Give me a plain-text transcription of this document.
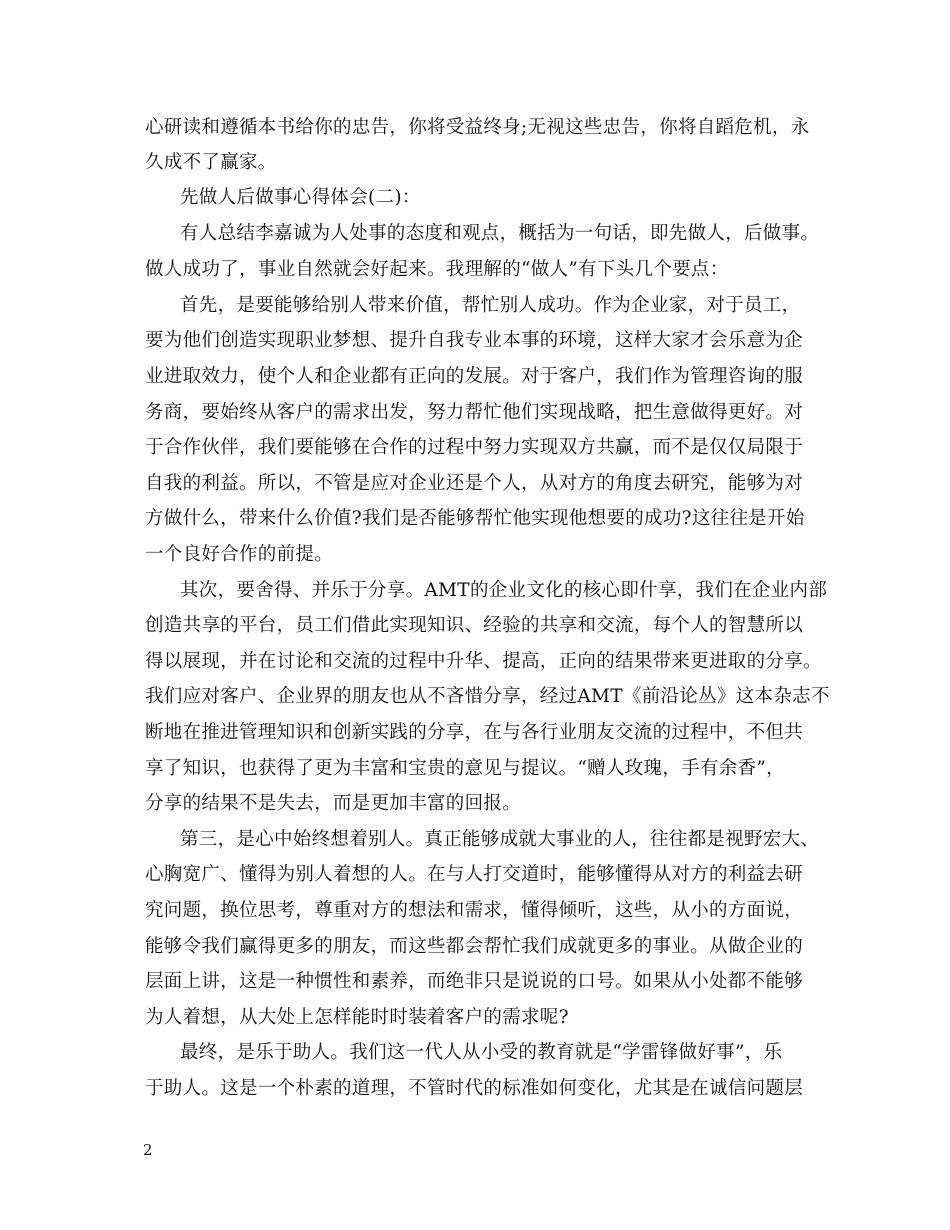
心研读和遵循本书给你的忠告，你将受益终身;无视这些忠告，你将自蹈危机，永
久成不了赢家。
先做人后做事心得体会(二)：
有人总结李嘉诚为人处事的态度和观点，概括为一句话，即先做人，后做事。
做人成功了，事业自然就会好起来。我理解的“做人”有下头几个要点：
首先，是要能够给别人带来价值，帮忙别人成功。作为企业家，对于员工，
要为他们创造实现职业梦想、提升自我专业本事的环境，这样大家才会乐意为企
业进取效力，使个人和企业都有正向的发展。对于客户，我们作为管理咨询的服
务商，要始终从客户的需求出发，努力帮忙他们实现战略，把生意做得更好。对
于合作伙伴，我们要能够在合作的过程中努力实现双方共赢，而不是仅仅局限于
自我的利益。所以，不管是应对企业还是个人，从对方的角度去研究，能够为对
方做什么，带来什么价值?我们是否能够帮忙他实现他想要的成功?这往往是开始
一个良好合作的前提。
其次，要舍得、并乐于分享。AMT的企业文化的核心即什享，我们在企业内部
创造共享的平台，员工们借此实现知识、经验的共享和交流，每个人的智慧所以
得以展现，并在讨论和交流的过程中升华、提高，正向的结果带来更进取的分享。
我们应对客户、企业界的朋友也从不吝惜分享，经过AMT《前沿论丛》这本杂志不
断地在推进管理知识和创新实践的分享，在与各行业朋友交流的过程中，不但共
享了知识，也获得了更为丰富和宝贵的意见与提议。“赠人玫瑰，手有余香”，
分享的结果不是失去，而是更加丰富的回报。
第三，是心中始终想着别人。真正能够成就大事业的人，往往都是视野宏大、
心胸宽广、懂得为别人着想的人。在与人打交道时，能够懂得从对方的利益去研
究问题，换位思考，尊重对方的想法和需求，懂得倾听，这些，从小的方面说，
能够令我们赢得更多的朋友，而这些都会帮忙我们成就更多的事业。从做企业的
层面上讲，这是一种惯性和素养，而绝非只是说说的口号。如果从小处都不能够
为人着想，从大处上怎样能时时装着客户的需求呢?
最终，是乐于助人。我们这一代人从小受的教育就是“学雷锋做好事”，乐
于助人。这是一个朴素的道理，不管时代的标准如何变化，尤其是在诚信问题层
2
